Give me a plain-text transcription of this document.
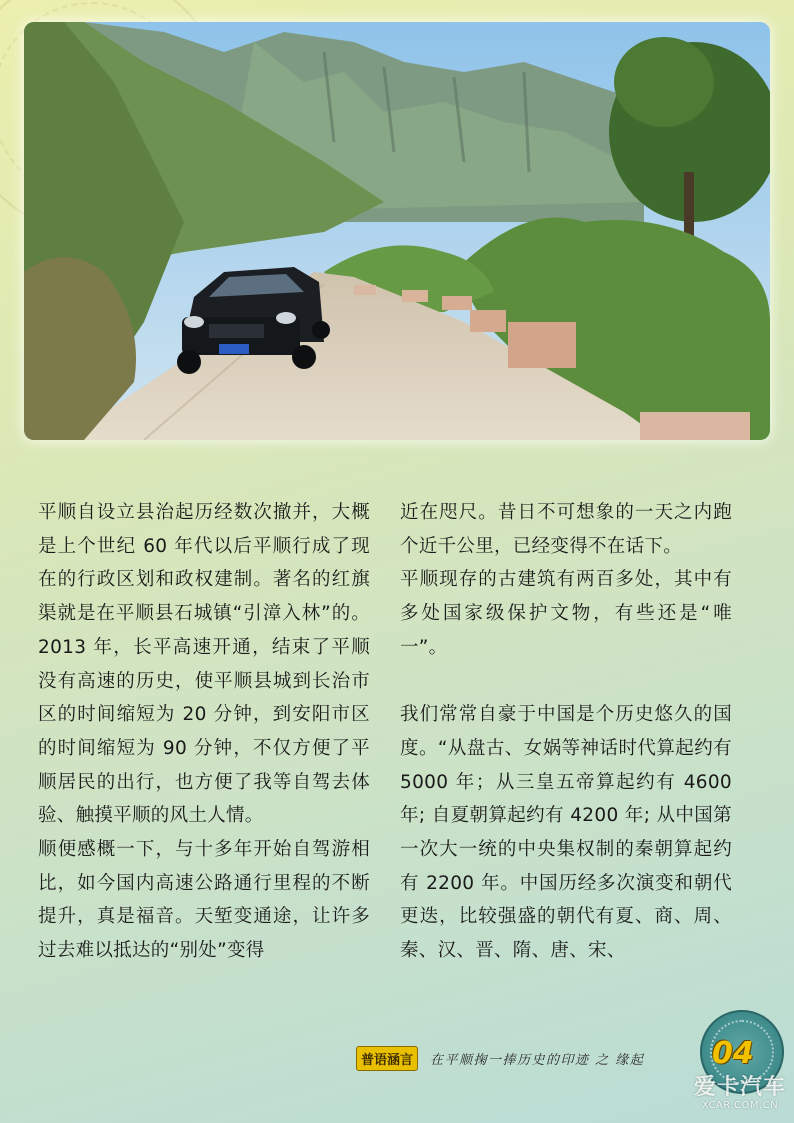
平顺自设立县治起历经数次撤并，大概是上个世纪 60 年代以后平顺行成了现在的行政区划和政权建制。著名的红旗渠就是在平顺县石城镇“引漳入林”的。2013 年，长平高速开通，结束了平顺没有高速的历史，使平顺县城到长治市区的时间缩短为 20 分钟，到安阳市区的时间缩短为 90 分钟，不仅方便了平顺居民的出行，也方便了我等自驾去体验、触摸平顺的风土人情。

顺便感概一下，与十多年开始自驾游相比，如今国内高速公路通行里程的不断提升，真是福音。天堑变通途，让许多过去难以抵达的“别处”变得

近在咫尺。昔日不可想象的一天之内跑个近千公里，已经变得不在话下。

平顺现存的古建筑有两百多处，其中有多处国家级保护文物，有些还是“唯一”。

我们常常自豪于中国是个历史悠久的国度。“从盘古、女娲等神话时代算起约有 5000 年；从三皇五帝算起约有 4600 年; 自夏朝算起约有 4200 年; 从中国第一次大一统的中央集权制的秦朝算起约有 2200 年。中国历经多次演变和朝代更迭，比较强盛的朝代有夏、商、周、秦、汉、晋、隋、唐、宋、

普语涵言	在平顺掬一捧历史的印迹 之 缘起 04
爱卡汽车
XCAR.COM.CN
